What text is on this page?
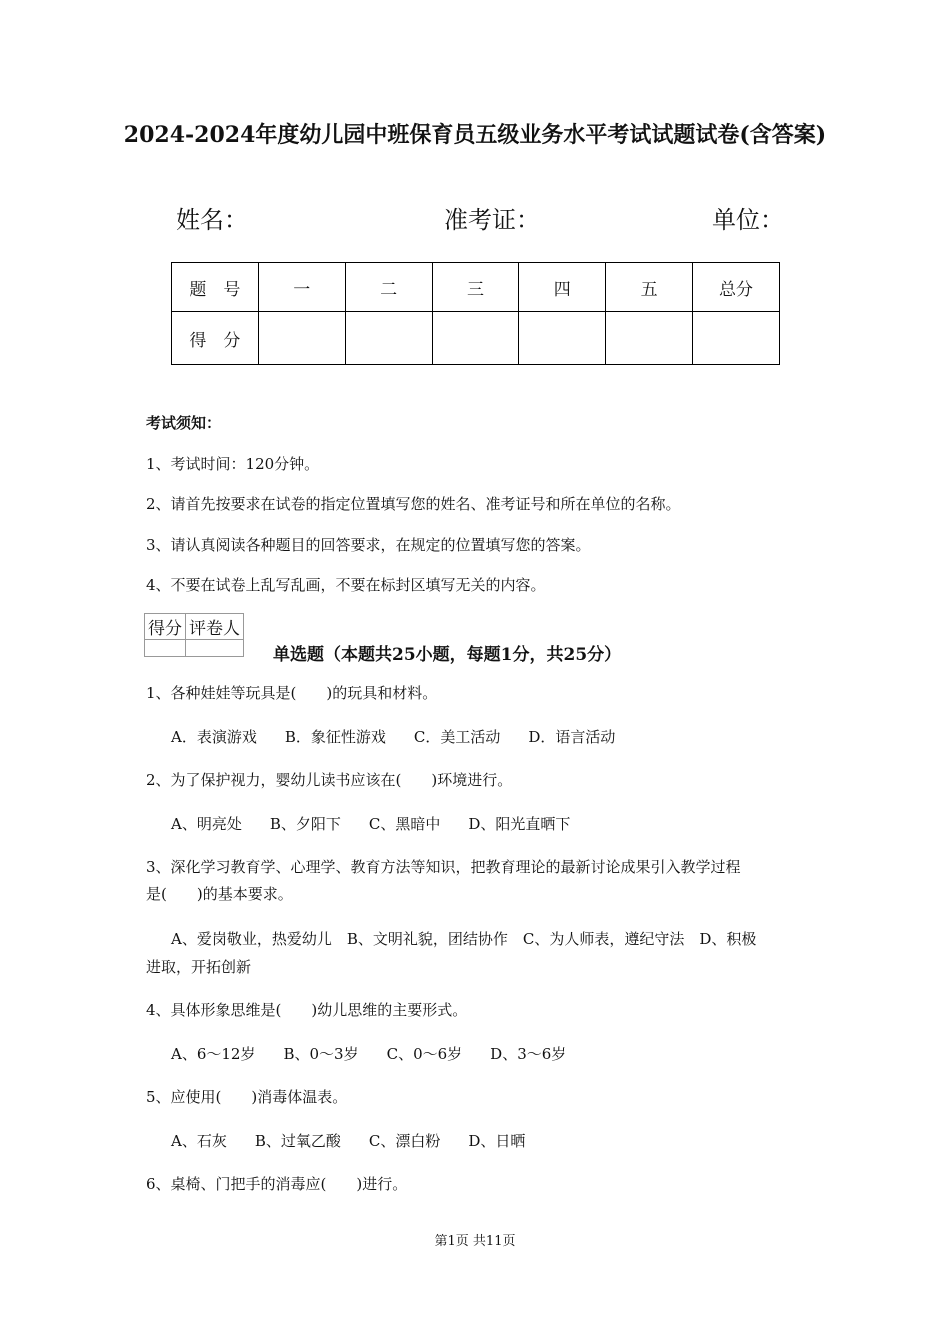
2024-2024年度幼儿园中班保育员五级业务水平考试试题试卷(含答案)
姓名：	准考证：	单位：
题　号	一	二	三	四	五	总分
得　分						
考试须知：
1、考试时间：120分钟。
2、请首先按要求在试卷的指定位置填写您的姓名、准考证号和所在单位的名称。
3、请认真阅读各种题目的回答要求，在规定的位置填写您的答案。
4、不要在试卷上乱写乱画，不要在标封区填写无关的内容。
得分	评卷人

单选题（本题共25小题，每题1分，共25分）
1、各种娃娃等玩具是(　　)的玩具和材料。
A．表演游戏 B．象征性游戏 C．美工活动 D．语言活动
2、为了保护视力，婴幼儿读书应该在(　　)环境进行。
A、明亮处 B、夕阳下 C、黑暗中 D、阳光直晒下
3、深化学习教育学、心理学、教育方法等知识，把教育理论的最新讨论成果引入教学过程
是(　　)的基本要求。
A、爱岗敬业，热爱幼儿　B、文明礼貌，团结协作　C、为人师表，遵纪守法　D、积极
进取，开拓创新
4、具体形象思维是(　　)幼儿思维的主要形式。
A、6～12岁 B、0～3岁 C、0～6岁 D、3～6岁
5、应使用(　　)消毒体温表。
A、石灰 B、过氧乙酸 C、漂白粉 D、日晒
6、桌椅、门把手的消毒应(　　)进行。
第1页 共11页
